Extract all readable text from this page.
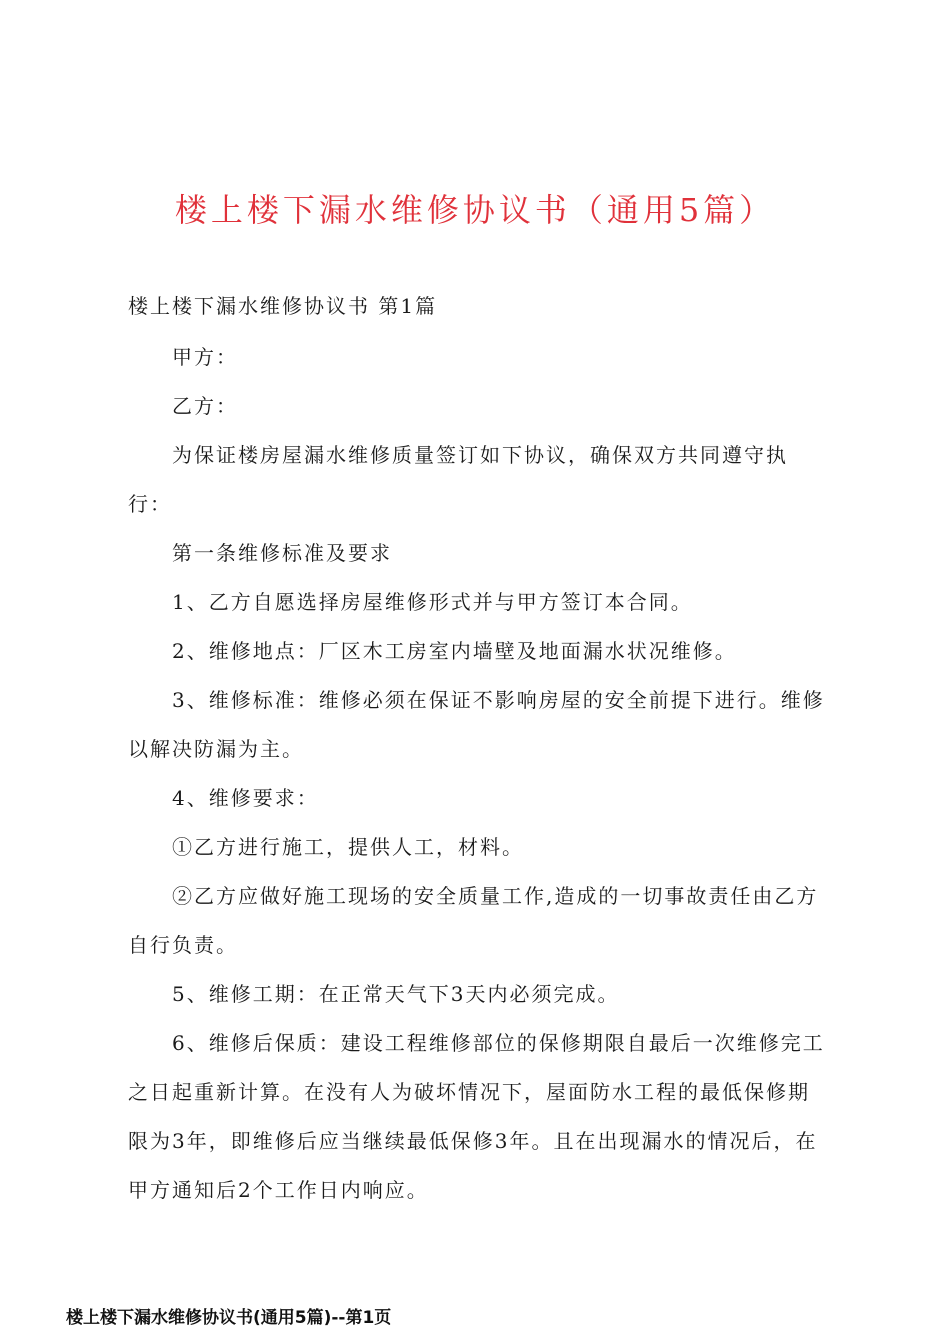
楼上楼下漏水维修协议书（通用5篇）

楼上楼下漏水维修协议书 第1篇

甲方：

乙方：

为保证楼房屋漏水维修质量签订如下协议，确保双方共同遵守执行：

第一条维修标准及要求

1、乙方自愿选择房屋维修形式并与甲方签订本合同。

2、维修地点：厂区木工房室内墙壁及地面漏水状况维修。

3、维修标准：维修必须在保证不影响房屋的安全前提下进行。维修以解决防漏为主。

4、维修要求：

①乙方进行施工，提供人工，材料。

②乙方应做好施工现场的安全质量工作,造成的一切事故责任由乙方自行负责。

5、维修工期：在正常天气下3天内必须完成。

6、维修后保质：建设工程维修部位的保修期限自最后一次维修完工之日起重新计算。在没有人为破坏情况下，屋面防水工程的最低保修期限为3年，即维修后应当继续最低保修3年。且在出现漏水的情况后，在甲方通知后2个工作日内响应。

楼上楼下漏水维修协议书(通用5篇)--第1页
